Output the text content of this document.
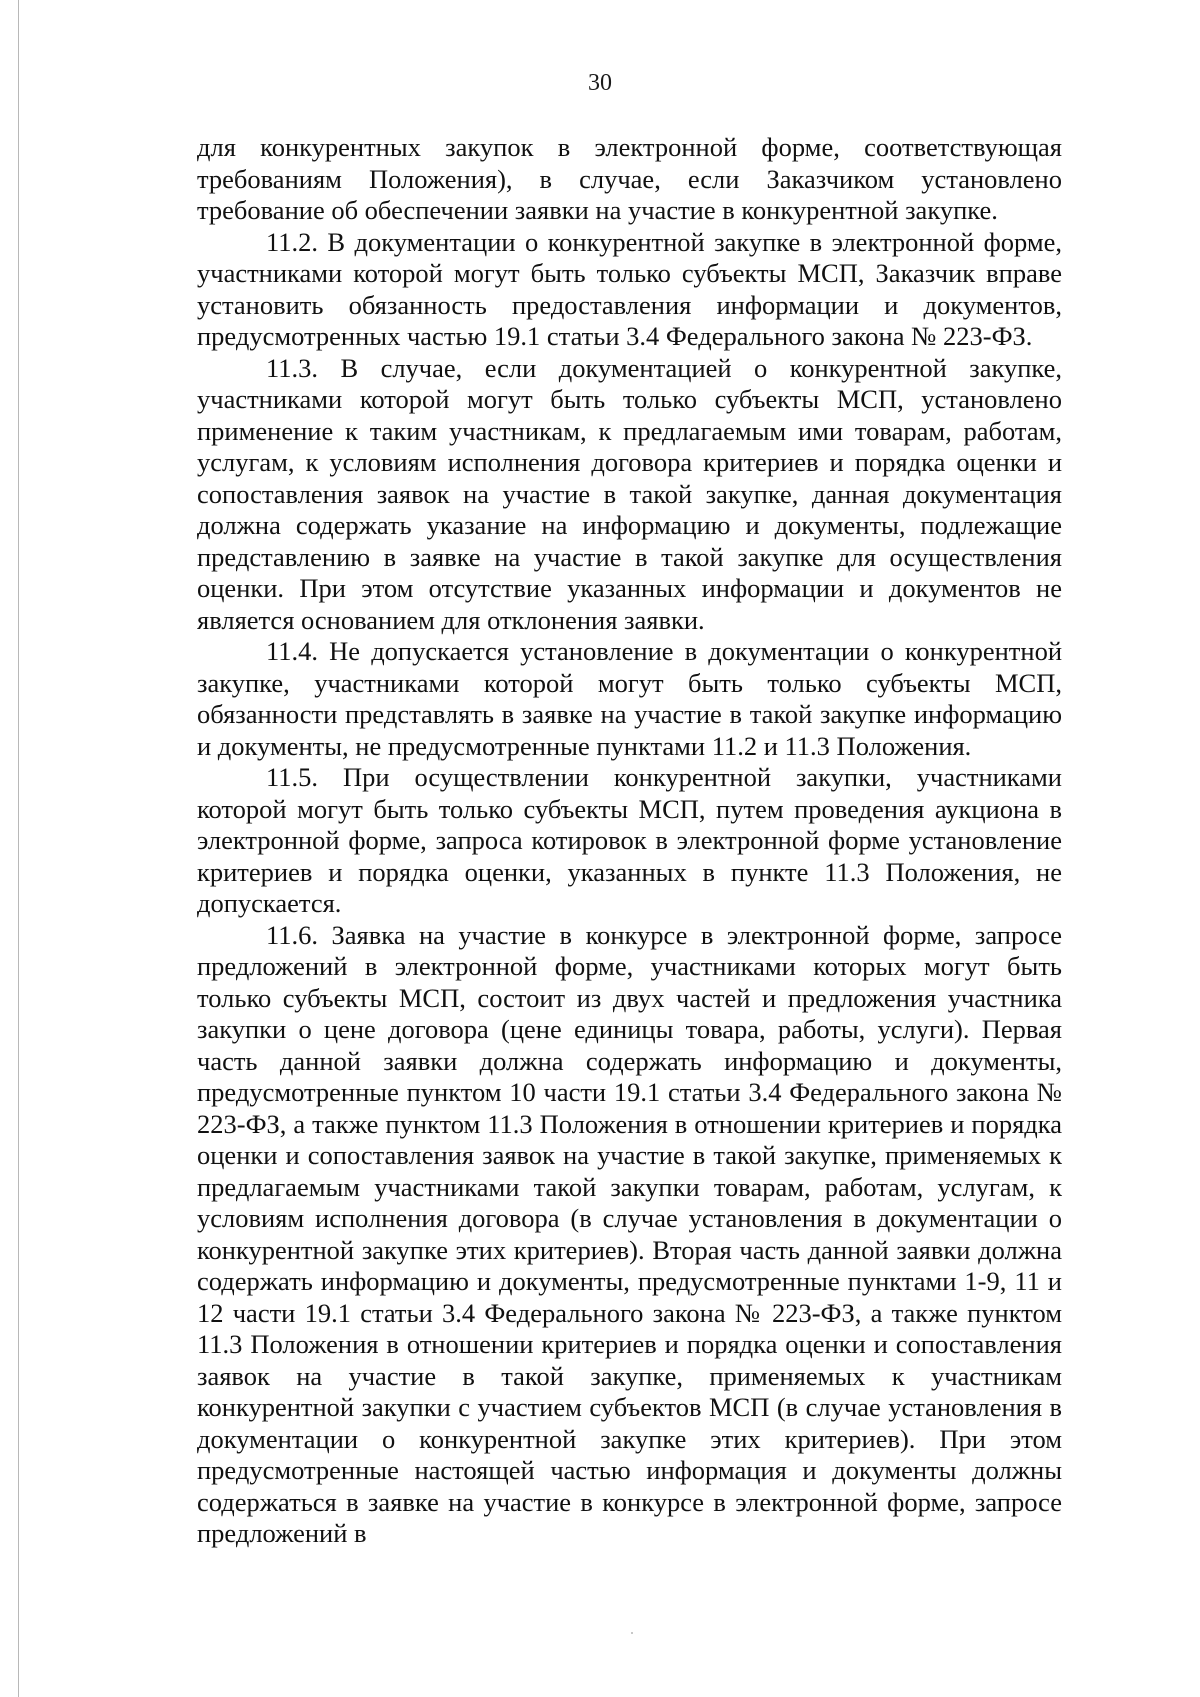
30

для конкурентных закупок в электронной форме, соответствующая требованиям Положения), в случае, если Заказчиком установлено требование об обеспечении заявки на участие в конкурентной закупке.

11.2. В документации о конкурентной закупке в электронной форме, участниками которой могут быть только субъекты МСП, Заказчик вправе установить обязанность предоставления информации и документов, предусмотренных частью 19.1 статьи 3.4 Федерального закона № 223-ФЗ.

11.3. В случае, если документацией о конкурентной закупке, участниками которой могут быть только субъекты МСП, установлено применение к таким участникам, к предлагаемым ими товарам, работам, услугам, к условиям исполнения договора критериев и порядка оценки и сопоставления заявок на участие в такой закупке, данная документация должна содержать указание на информацию и документы, подлежащие представлению в заявке на участие в такой закупке для осуществления оценки. При этом отсутствие указанных информации и документов не является основанием для отклонения заявки.

11.4. Не допускается установление в документации о конкурентной закупке, участниками которой могут быть только субъекты МСП, обязанности представлять в заявке на участие в такой закупке информацию и документы, не предусмотренные пунктами 11.2 и 11.3 Положения.

11.5. При осуществлении конкурентной закупки, участниками которой могут быть только субъекты МСП, путем проведения аукциона в электронной форме, запроса котировок в электронной форме установление критериев и порядка оценки, указанных в пункте 11.3 Положения, не допускается.

11.6. Заявка на участие в конкурсе в электронной форме, запросе предложений в электронной форме, участниками которых могут быть только субъекты МСП, состоит из двух частей и предложения участника закупки о цене договора (цене единицы товара, работы, услуги). Первая часть данной заявки должна содержать информацию и документы, предусмотренные пунктом 10 части 19.1 статьи 3.4 Федерального закона № 223-ФЗ, а также пунктом 11.3 Положения в отношении критериев и порядка оценки и сопоставления заявок на участие в такой закупке, применяемых к предлагаемым участниками такой закупки товарам, работам, услугам, к условиям исполнения договора (в случае установления в документации о конкурентной закупке этих критериев). Вторая часть данной заявки должна содержать информацию и документы, предусмотренные пунктами 1-9, 11 и 12 части 19.1 статьи 3.4 Федерального закона № 223-ФЗ, а также пунктом 11.3 Положения в отношении критериев и порядка оценки и сопоставления заявок на участие в такой закупке, применяемых к участникам конкурентной закупки с участием субъектов МСП (в случае установления в документации о конкурентной закупке этих критериев). При этом предусмотренные настоящей частью информация и документы должны содержаться в заявке на участие в конкурсе в электронной форме, запросе предложений в
